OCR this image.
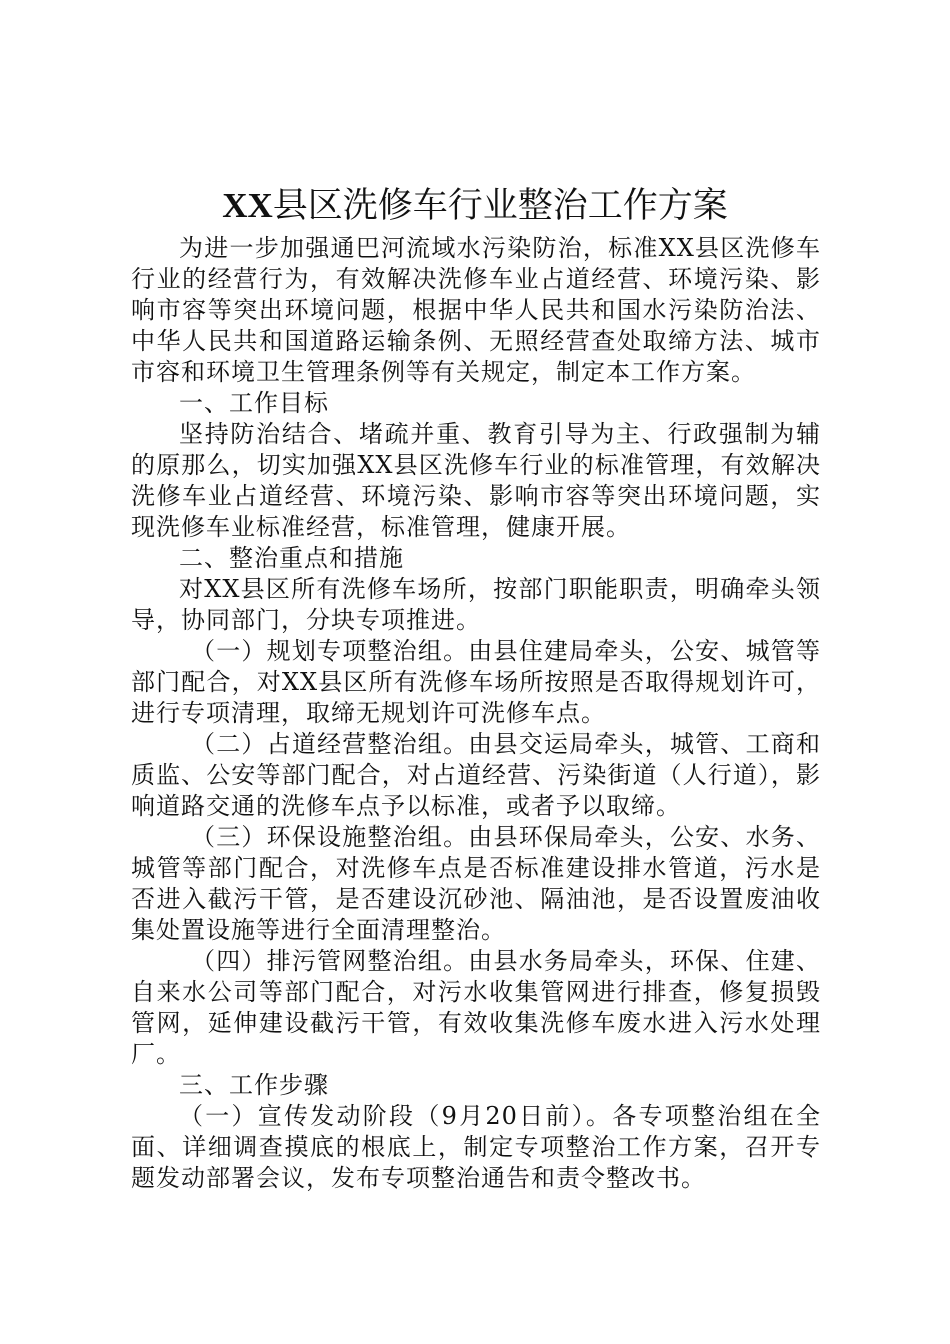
XX县区洗修车行业整治工作方案

为进一步加强通巴河流域水污染防治，标准XX县区洗修车行业的经营行为，有效解决洗修车业占道经营、环境污染、影响市容等突出环境问题，根据中华人民共和国水污染防治法、中华人民共和国道路运输条例、无照经营查处取缔方法、城市市容和环境卫生管理条例等有关规定，制定本工作方案。

一、工作目标

坚持防治结合、堵疏并重、教育引导为主、行政强制为辅的原那么，切实加强XX县区洗修车行业的标准管理，有效解决洗修车业占道经营、环境污染、影响市容等突出环境问题，实现洗修车业标准经营，标准管理，健康开展。

二、整治重点和措施

对XX县区所有洗修车场所，按部门职能职责，明确牵头领导，协同部门，分块专项推进。

（一）规划专项整治组。由县住建局牵头，公安、城管等部门配合，对XX县区所有洗修车场所按照是否取得规划许可，进行专项清理，取缔无规划许可洗修车点。

（二）占道经营整治组。由县交运局牵头，城管、工商和质监、公安等部门配合，对占道经营、污染街道（人行道），影响道路交通的洗修车点予以标准，或者予以取缔。

（三）环保设施整治组。由县环保局牵头，公安、水务、城管等部门配合，对洗修车点是否标准建设排水管道，污水是否进入截污干管，是否建设沉砂池、隔油池，是否设置废油收集处置设施等进行全面清理整治。

（四）排污管网整治组。由县水务局牵头，环保、住建、自来水公司等部门配合，对污水收集管网进行排查，修复损毁管网，延伸建设截污干管，有效收集洗修车废水进入污水处理厂。

三、工作步骤

（一）宣传发动阶段（9月20日前）。各专项整治组在全面、详细调查摸底的根底上，制定专项整治工作方案，召开专题发动部署会议，发布专项整治通告和责令整改书。
